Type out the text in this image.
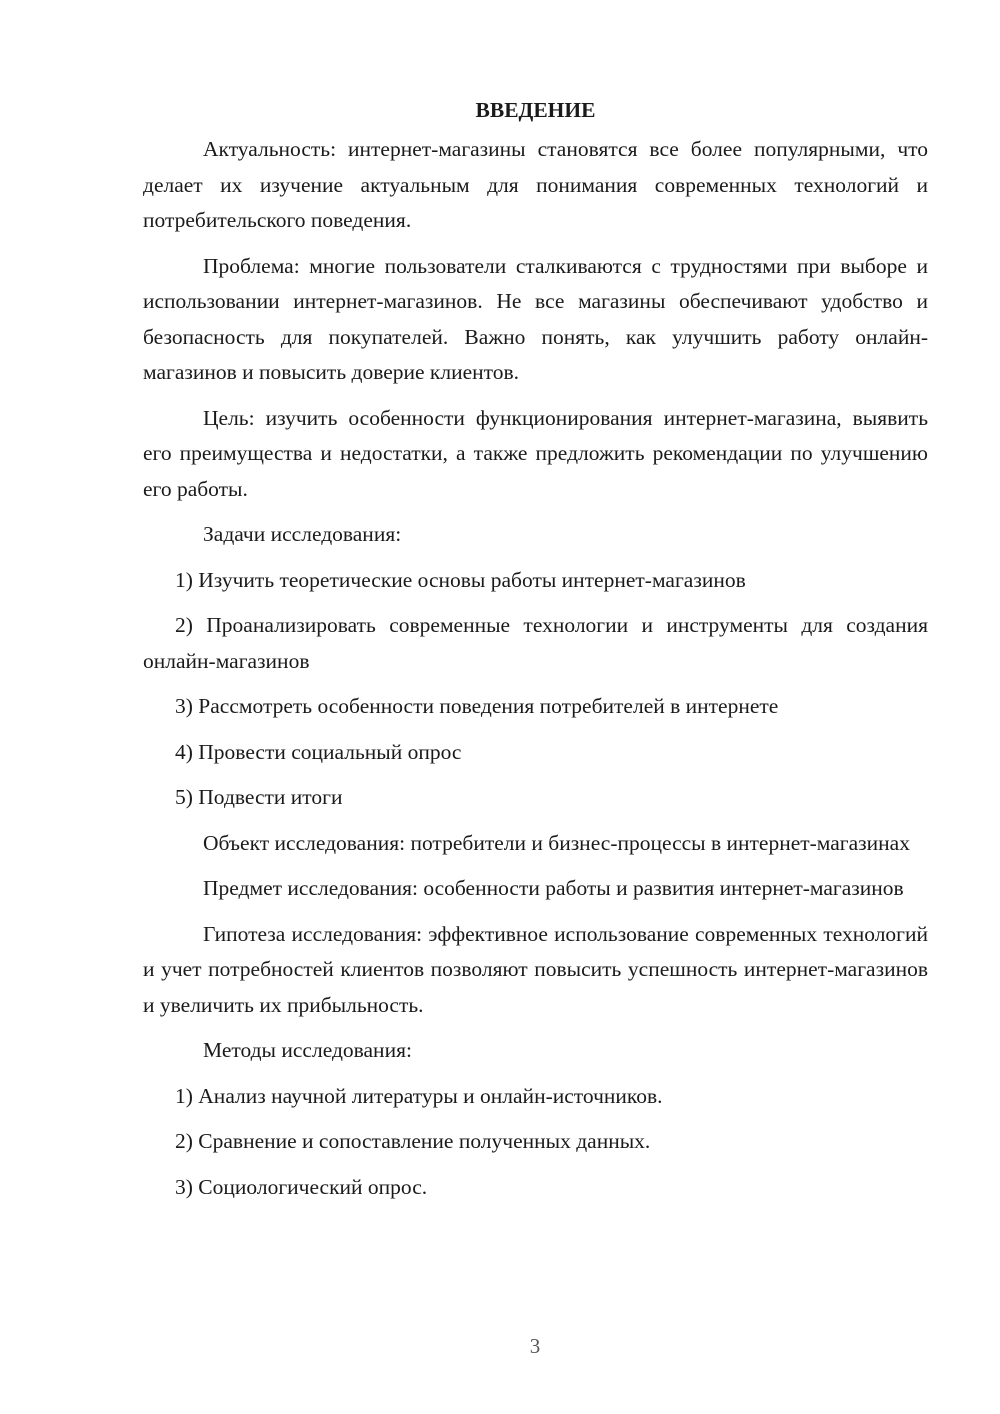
ВВЕДЕНИЕ

Актуальность: интернет-магазины становятся все более популярными, что делает их изучение актуальным для понимания современных технологий и потребительского поведения.

Проблема: многие пользователи сталкиваются с трудностями при выборе и использовании интернет-магазинов. Не все магазины обеспечивают удобство и безопасность для покупателей. Важно понять, как улучшить работу онлайн-магазинов и повысить доверие клиентов.

Цель: изучить особенности функционирования интернет-магазина, выявить его преимущества и недостатки, а также предложить рекомендации по улучшению его работы.

Задачи исследования:

1) Изучить теоретические основы работы интернет-магазинов

2) Проанализировать современные технологии и инструменты для создания онлайн-магазинов

3) Рассмотреть особенности поведения потребителей в интернете

4) Провести социальный опрос

5) Подвести итоги

Объект исследования: потребители и бизнес-процессы в интернет-магазинах

Предмет исследования: особенности работы и развития интернет-магазинов

Гипотеза исследования: эффективное использование современных технологий и учет потребностей клиентов позволяют повысить успешность интернет-магазинов и увеличить их прибыльность.

Методы исследования:

1) Анализ научной литературы и онлайн-источников.

2) Сравнение и сопоставление полученных данных.

3) Социологический опрос.

3
